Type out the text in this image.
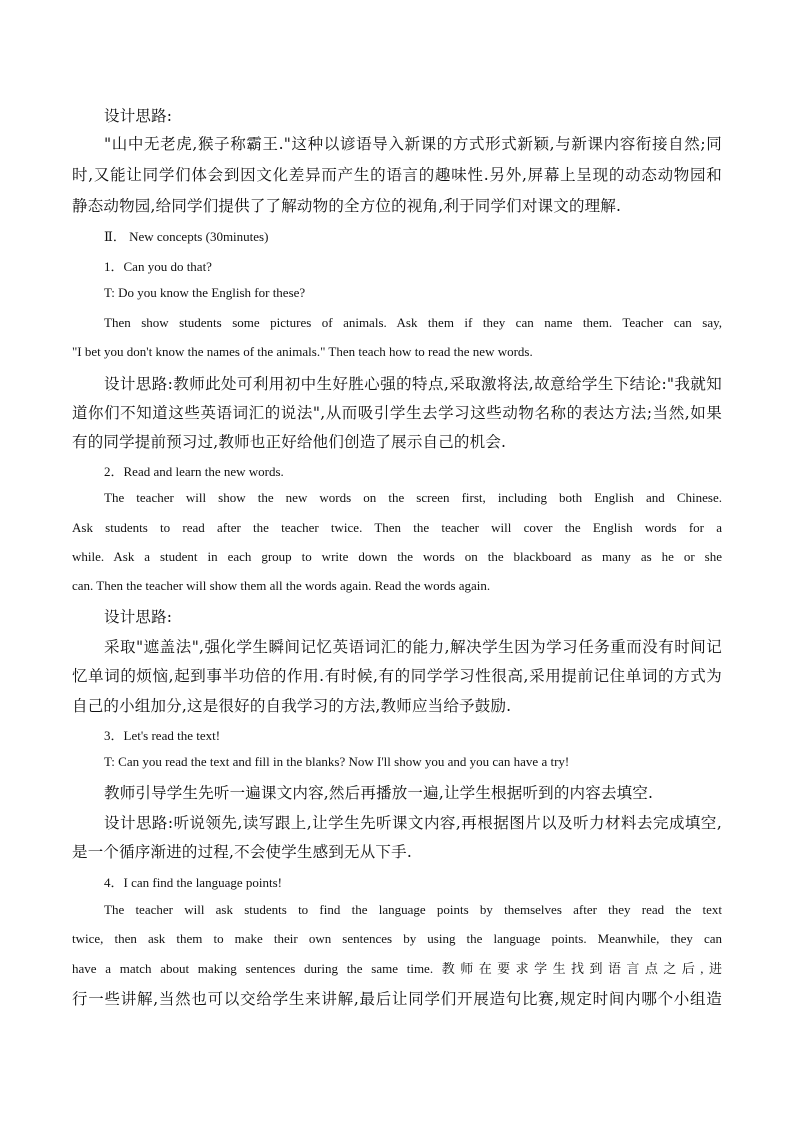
设计思路:
"山中无老虎,猴子称霸王."这种以谚语导入新课的方式形式新颖,与新课内容衔接自然;同
时,又能让同学们体会到因文化差异而产生的语言的趣味性.另外,屏幕上呈现的动态动物园和
静态动物园,给同学们提供了了解动物的全方位的视角,利于同学们对课文的理解.
Ⅱ． New concepts (30minutes)
1．Can you do that?
T: Do you know the English for these?
Then show students some pictures of animals. Ask them if they can name them. Teacher can say,
"I bet you don't know the names of the animals." Then teach how to read the new words.
设计思路:教师此处可利用初中生好胜心强的特点,采取激将法,故意给学生下结论:"我就知
道你们不知道这些英语词汇的说法",从而吸引学生去学习这些动物名称的表达方法;当然,如果
有的同学提前预习过,教师也正好给他们创造了展示自己的机会.
2．Read and learn the new words.
The teacher will show the new words on the screen first, including both English and Chinese.
Ask students to read after the teacher twice. Then the teacher will cover the English words for a
while. Ask a student in each group to write down the words on the blackboard as many as he or she
can. Then the teacher will show them all the words again. Read the words again.
设计思路:
采取"遮盖法",强化学生瞬间记忆英语词汇的能力,解决学生因为学习任务重而没有时间记
忆单词的烦恼,起到事半功倍的作用.有时候,有的同学学习性很高,采用提前记住单词的方式为
自己的小组加分,这是很好的自我学习的方法,教师应当给予鼓励.
3．Let's read the text!
T: Can you read the text and fill in the blanks? Now I'll show you and you can have a try!
教师引导学生先听一遍课文内容,然后再播放一遍,让学生根据听到的内容去填空.
设计思路:听说领先,读写跟上,让学生先听课文内容,再根据图片以及听力材料去完成填空,
是一个循序渐进的过程,不会使学生感到无从下手.
4．I can find the language points!
The teacher will ask students to find the language points by themselves after they read the text
twice, then ask them to make their own sentences by using the language points. Meanwhile, they can
have a match about making sentences during the same time. 教师在要求学生找到语言点之后,进
行一些讲解,当然也可以交给学生来讲解,最后让同学们开展造句比赛,规定时间内哪个小组造
